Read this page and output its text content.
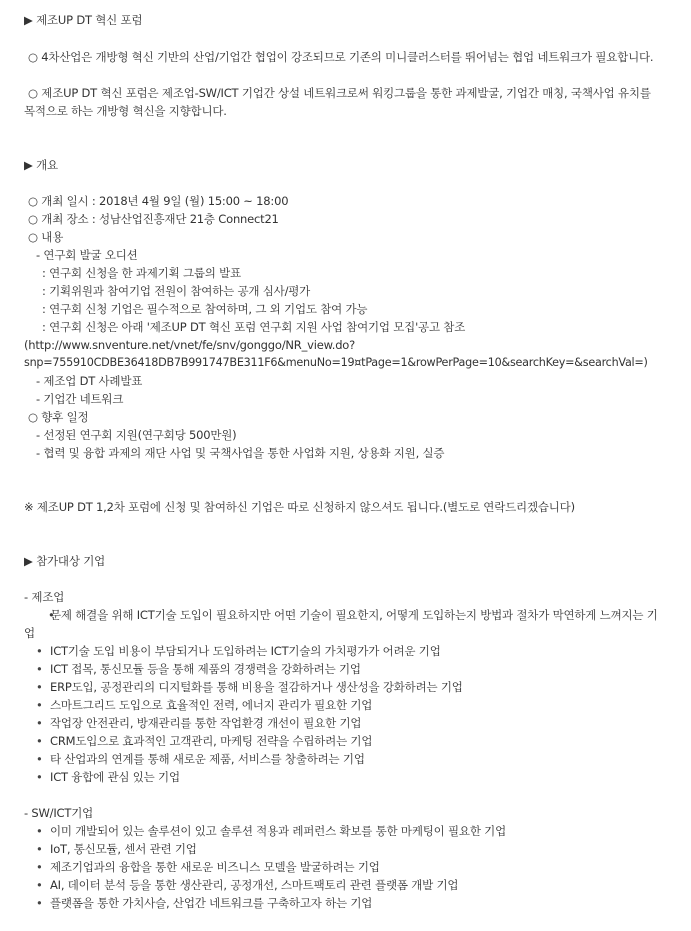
▶ 제조UP DT 혁신 포럼
○ 4차산업은 개방형 혁신 기반의 산업/기업간 협업이 강조되므로 기존의 미니클러스터를 뛰어넘는 협업 네트워크가 필요합니다.
○ 제조UP DT 혁신 포럼은 제조업-SW/ICT 기업간 상설 네트워크로써 워킹그룹을 통한 과제발굴, 기업간 매칭, 국책사업 유치를 목적으로 하는 개방형 혁신을 지향합니다.
▶ 개요
○ 개최 일시 : 2018년 4월 9일 (월) 15:00 ~ 18:00
○ 개최 장소 : 성남산업진흥재단 21층 Connect21
○ 내용
- 연구회 발굴 오디션
: 연구회 신청을 한 과제기획 그룹의 발표
: 기획위원과 참여기업 전원이 참여하는 공개 심사/평가
: 연구회 신청 기업은 필수적으로 참여하며, 그 외 기업도 참여 가능
: 연구회 신청은 아래 '제조UP DT 혁신 포럼 연구회 지원 사업 참여기업 모집'공고 참조
(http://www.snventure.net/vnet/fe/snv/gonggo/NR_view.do?
snp=755910CDBE36418DB7B991747BE311F6&menuNo=19¤tPage=1&rowPerPage=10&searchKey=&searchVal=)
- 제조업 DT 사례발표
- 기업간 네트워크
○ 향후 일정
- 선정된 연구회 지원(연구회당 500만원)
- 협력 및 융합 과제의 재단 사업 및 국책사업을 통한 사업화 지원, 상용화 지원, 실증
※ 제조UP DT 1,2차 포럼에 신청 및 참여하신 기업은 따로 신청하지 않으셔도 됩니다.(별도로 연락드리겠습니다)
▶ 참가대상 기업
- 제조업
• 문제 해결을 위해 ICT기술 도입이 필요하지만 어떤 기술이 필요한지, 어떻게 도입하는지 방법과 절차가 막연하게 느껴지는 기업
• ICT기술 도입 비용이 부담되거나 도입하려는 ICT기술의 가치평가가 어려운 기업
• ICT 접목, 통신모듈 등을 통해 제품의 경쟁력을 강화하려는 기업
• ERP도입, 공정관리의 디지털화를 통해 비용을 절감하거나 생산성을 강화하려는 기업
• 스마트그리드 도입으로 효율적인 전력, 에너지 관리가 필요한 기업
• 작업장 안전관리, 방재관리를 통한 작업환경 개선이 필요한 기업
• CRM도입으로 효과적인 고객관리, 마케팅 전략을 수립하려는 기업
• 타 산업과의 연계를 통해 새로운 제품, 서비스를 창출하려는 기업
• ICT 융합에 관심 있는 기업
- SW/ICT기업
• 이미 개발되어 있는 솔루션이 있고 솔루션 적용과 레퍼런스 확보를 통한 마케팅이 필요한 기업
• IoT, 통신모듈, 센서 관련 기업
• 제조기업과의 융합을 통한 새로운 비즈니스 모델을 발굴하려는 기업
• AI, 데이터 분석 등을 통한 생산관리, 공정개선, 스마트팩토리 관련 플랫폼 개발 기업
• 플랫폼을 통한 가치사슬, 산업간 네트워크를 구축하고자 하는 기업
